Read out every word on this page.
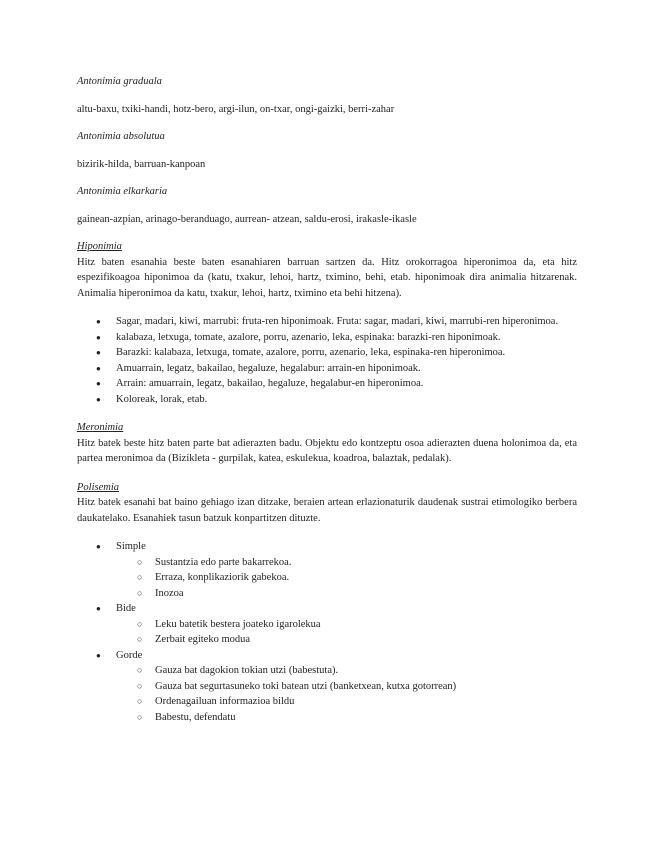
Antonimia graduala

altu-baxu, txiki-handi, hotz-bero, argi-ilun, on-txar, ongi-gaizki, berri-zahar

Antonimia absolutua

bizirik-hilda, barruan-kanpoan

Antonimia elkarkaria

gainean-azpian, arinago-beranduago, aurrean- atzean, saldu-erosi, irakasle-ikasle

Hiponimia

Hitz baten esanahia beste baten esanahiaren barruan sartzen da. Hitz orokorragoa hiperonimoa da, eta hitz espezifikoagoa hiponimoa da (katu, txakur, lehoi, hartz, tximino, behi, etab. hiponimoak dira animalia hitzarenak. Animalia hiperonimoa da katu, txakur, lehoi, hartz, tximino eta behi hitzena).

● Sagar, madari, kiwi, marrubi: fruta-ren hiponimoak. Fruta: sagar, madari, kiwi, marrubi-ren hiperonimoa.
● kalabaza, letxuga, tomate, azalore, porru, azenario, leka, espinaka: barazki-ren hiponimoak.
● Barazki: kalabaza, letxuga, tomate, azalore, porru, azenario, leka, espinaka-ren hiperonimoa.
● Amuarrain, legatz, bakailao, hegaluze, hegalabur: arrain-en hiponimoak.
● Arrain: amuarrain, legatz, bakailao, hegaluze, hegalabur-en hiperonimoa.
● Koloreak, lorak, etab.

Meronimia

Hitz batek beste hitz baten parte bat adierazten badu. Objektu edo kontzeptu osoa adierazten duena holonimoa da, eta partea meronimoa da (Bizikleta - gurpilak, katea, eskulekua, koadroa, balaztak, pedalak).

Polisemia

Hitz batek esanahi bat baino gehiago izan ditzake, beraien artean erlazionaturik daudenak sustrai etimologiko berbera daukatelako. Esanahiek tasun batzuk konpartitzen dituzte.

● Simple
○ Sustantzia edo parte bakarrekoa.
○ Erraza, konplikaziorik gabekoa.
○ Inozoa
● Bide
○ Leku batetik bestera joateko igarolekua
○ Zerbait egiteko modua
● Gorde
○ Gauza bat dagokion tokian utzi (babestuta).
○ Gauza bat segurtasuneko toki batean utzi (banketxean, kutxa gotorrean)
○ Ordenagailuan informazioa bildu
○ Babestu, defendatu
